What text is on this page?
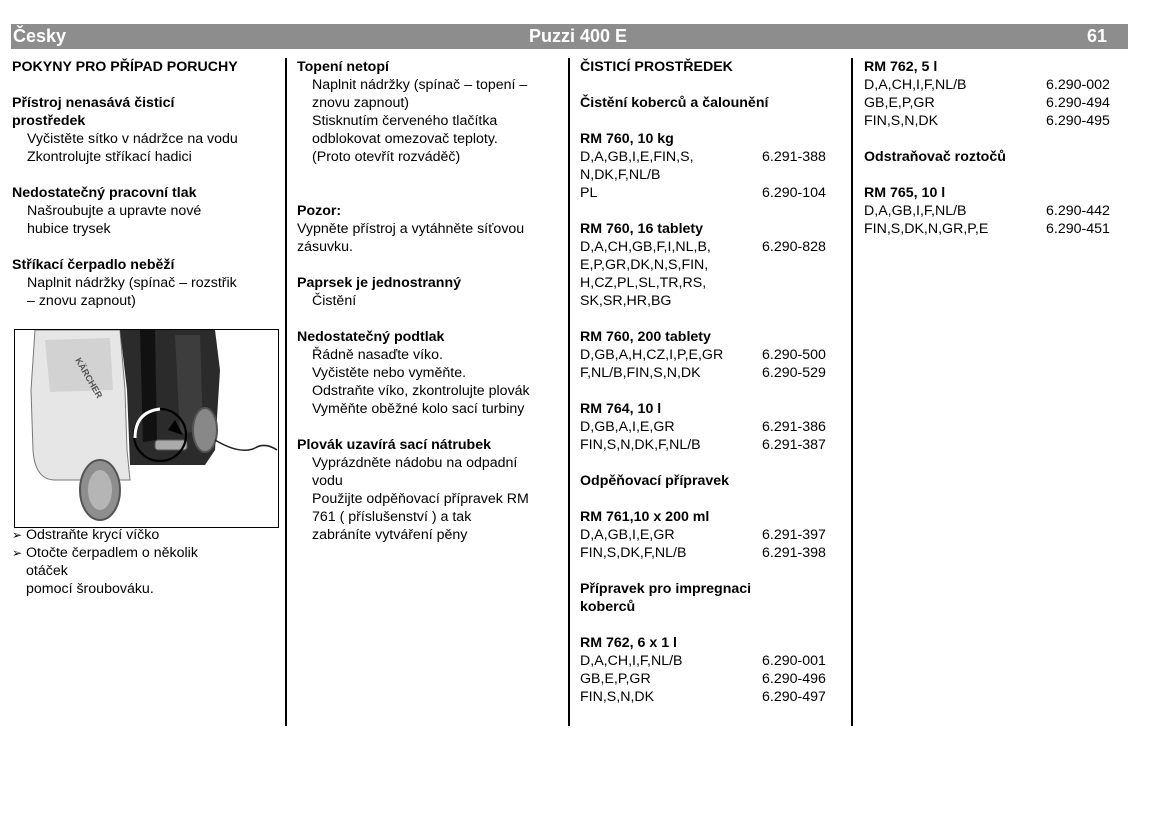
Česky	Puzzi 400 E	61
POKYNY PRO PŘÍPAD PORUCHY
Přístroj nenasává čisticí
prostředek
Vyčistěte sítko v nádržce na vodu
Zkontrolujte stříkací hadici
Nedostatečný pracovní tlak
Našroubujte a upravte nové
hubice trysek
Stříkací čerpadlo neběží
Naplnit nádržky (spínač – rozstřik
– znovu zapnout)
KÄRCHER
➢ Odstraňte krycí víčko
➢ Otočte čerpadlem o několik
otáček
pomocí šroubováku.
Topení netopí
Naplnit nádržky (spínač – topení –
znovu zapnout)
Stisknutím červeného tlačítka
odblokovat omezovač teploty.
(Proto otevřít rozváděč)
Pozor:
Vypněte přístroj a vytáhněte síťovou
zásuvku.
Paprsek je jednostranný
Čistění
Nedostatečný podtlak
Řádně nasaďte víko.
Vyčistěte nebo vyměňte.
Odstraňte víko, zkontrolujte plovák
Vyměňte oběžné kolo sací turbiny
Plovák uzavírá sací nátrubek
Vyprázdněte nádobu na odpadní
vodu
Použijte odpěňovací přípravek RM
761 ( příslušenství ) a tak
zabráníte vytváření pěny
ČISTICÍ PROSTŘEDEK
Čistění koberců a čalounění
RM 760, 10 kg
D,A,GB,I,E,FIN,S,	6.291-388
N,DK,F,NL/B
PL	6.290-104
RM 760, 16 tablety
D,A,CH,GB,F,I,NL,B,	6.290-828
E,P,GR,DK,N,S,FIN,
H,CZ,PL,SL,TR,RS,
SK,SR,HR,BG
RM 760, 200 tablety
D,GB,A,H,CZ,I,P,E,GR	6.290-500
F,NL/B,FIN,S,N,DK	6.290-529
RM 764, 10 l
D,GB,A,I,E,GR	6.291-386
FIN,S,N,DK,F,NL/B	6.291-387
Odpěňovací přípravek
RM 761,10 x 200 ml
D,A,GB,I,E,GR	6.291-397
FIN,S,DK,F,NL/B	6.291-398
Přípravek pro impregnaci
koberců
RM 762, 6 x 1 l
D,A,CH,I,F,NL/B	6.290-001
GB,E,P,GR	6.290-496
FIN,S,N,DK	6.290-497
RM 762, 5 l
D,A,CH,I,F,NL/B	6.290-002
GB,E,P,GR	6.290-494
FIN,S,N,DK	6.290-495
Odstraňovač roztočů
RM 765, 10 l
D,A,GB,I,F,NL/B	6.290-442
FIN,S,DK,N,GR,P,E	6.290-451
